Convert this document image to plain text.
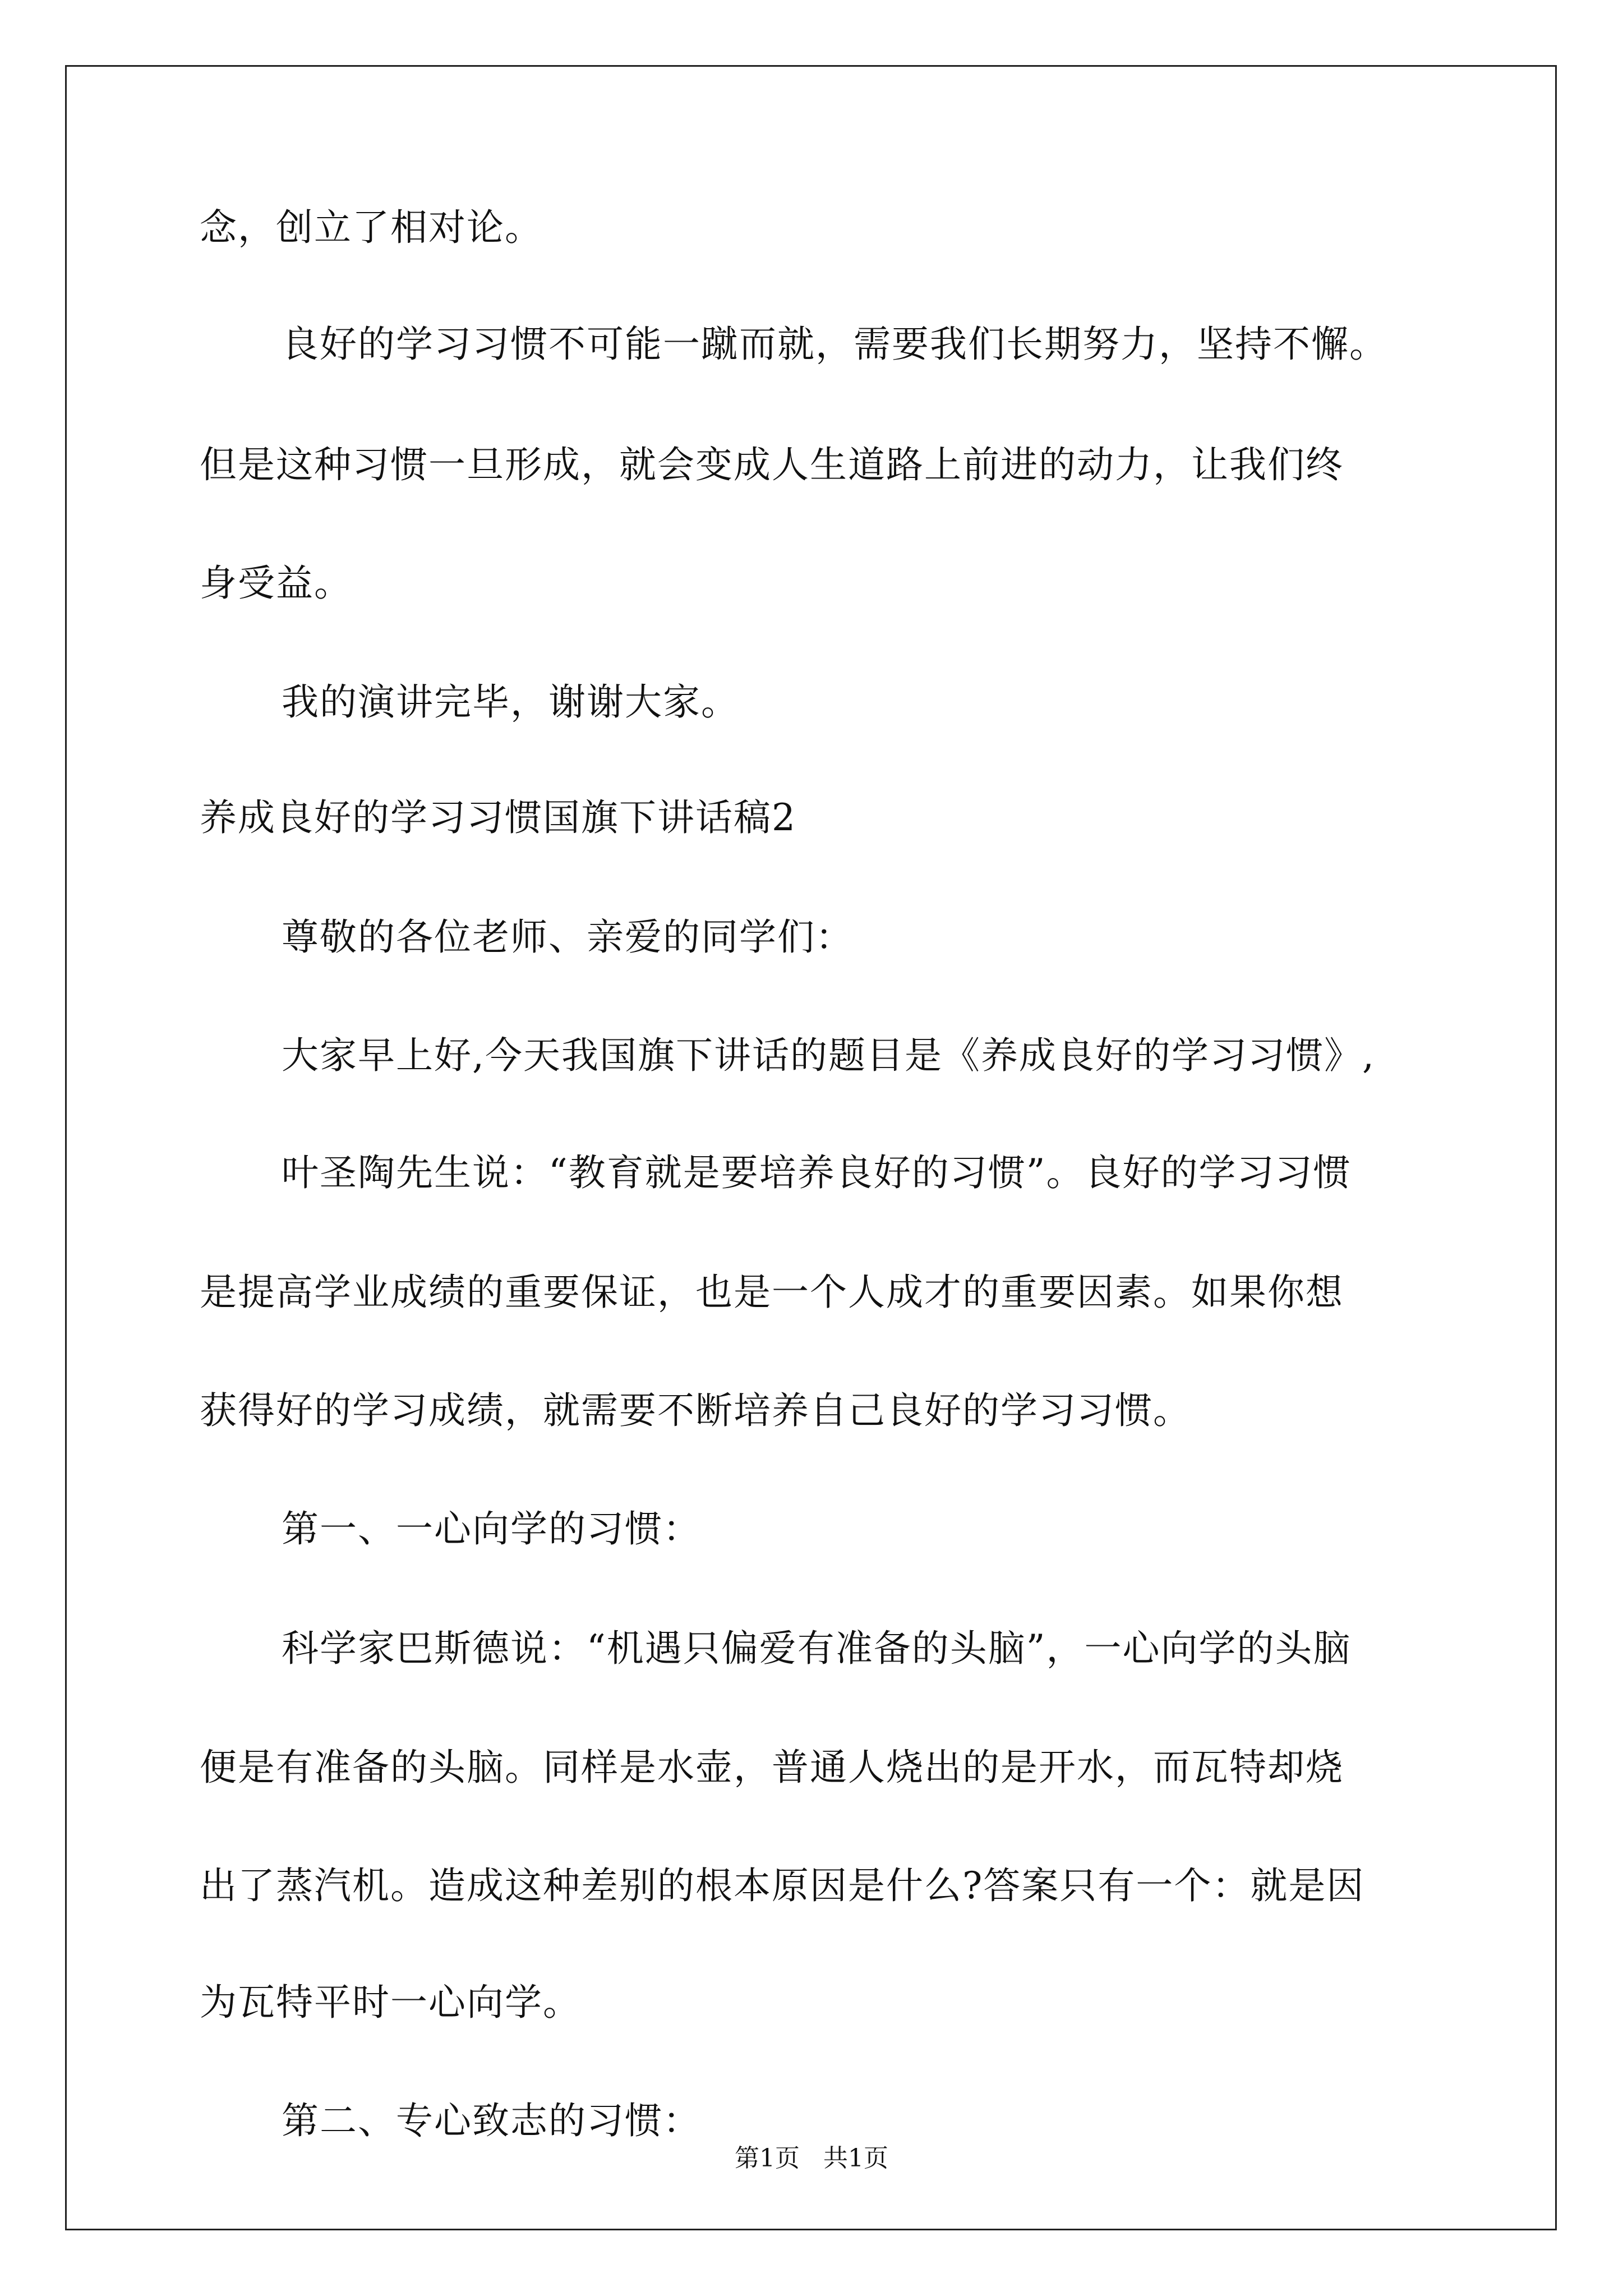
念，创立了相对论。
良好的学习习惯不可能一蹴而就，需要我们长期努力，坚持不懈。
但是这种习惯一旦形成，就会变成人生道路上前进的动力，让我们终
身受益。
我的演讲完毕，谢谢大家。
养成良好的学习习惯国旗下讲话稿2
尊敬的各位老师、亲爱的同学们：
大家早上好,今天我国旗下讲话的题目是《养成良好的学习习惯》,
叶圣陶先生说：“教育就是要培养良好的习惯”。良好的学习习惯
是提高学业成绩的重要保证，也是一个人成才的重要因素。如果你想
获得好的学习成绩，就需要不断培养自己良好的学习习惯。
第一、一心向学的习惯：
科学家巴斯德说：“机遇只偏爱有准备的头脑”，一心向学的头脑
便是有准备的头脑。同样是水壶，普通人烧出的是开水，而瓦特却烧
出了蒸汽机。造成这种差别的根本原因是什么?答案只有一个：就是因
为瓦特平时一心向学。
第二、专心致志的习惯：
第1页   共1页
